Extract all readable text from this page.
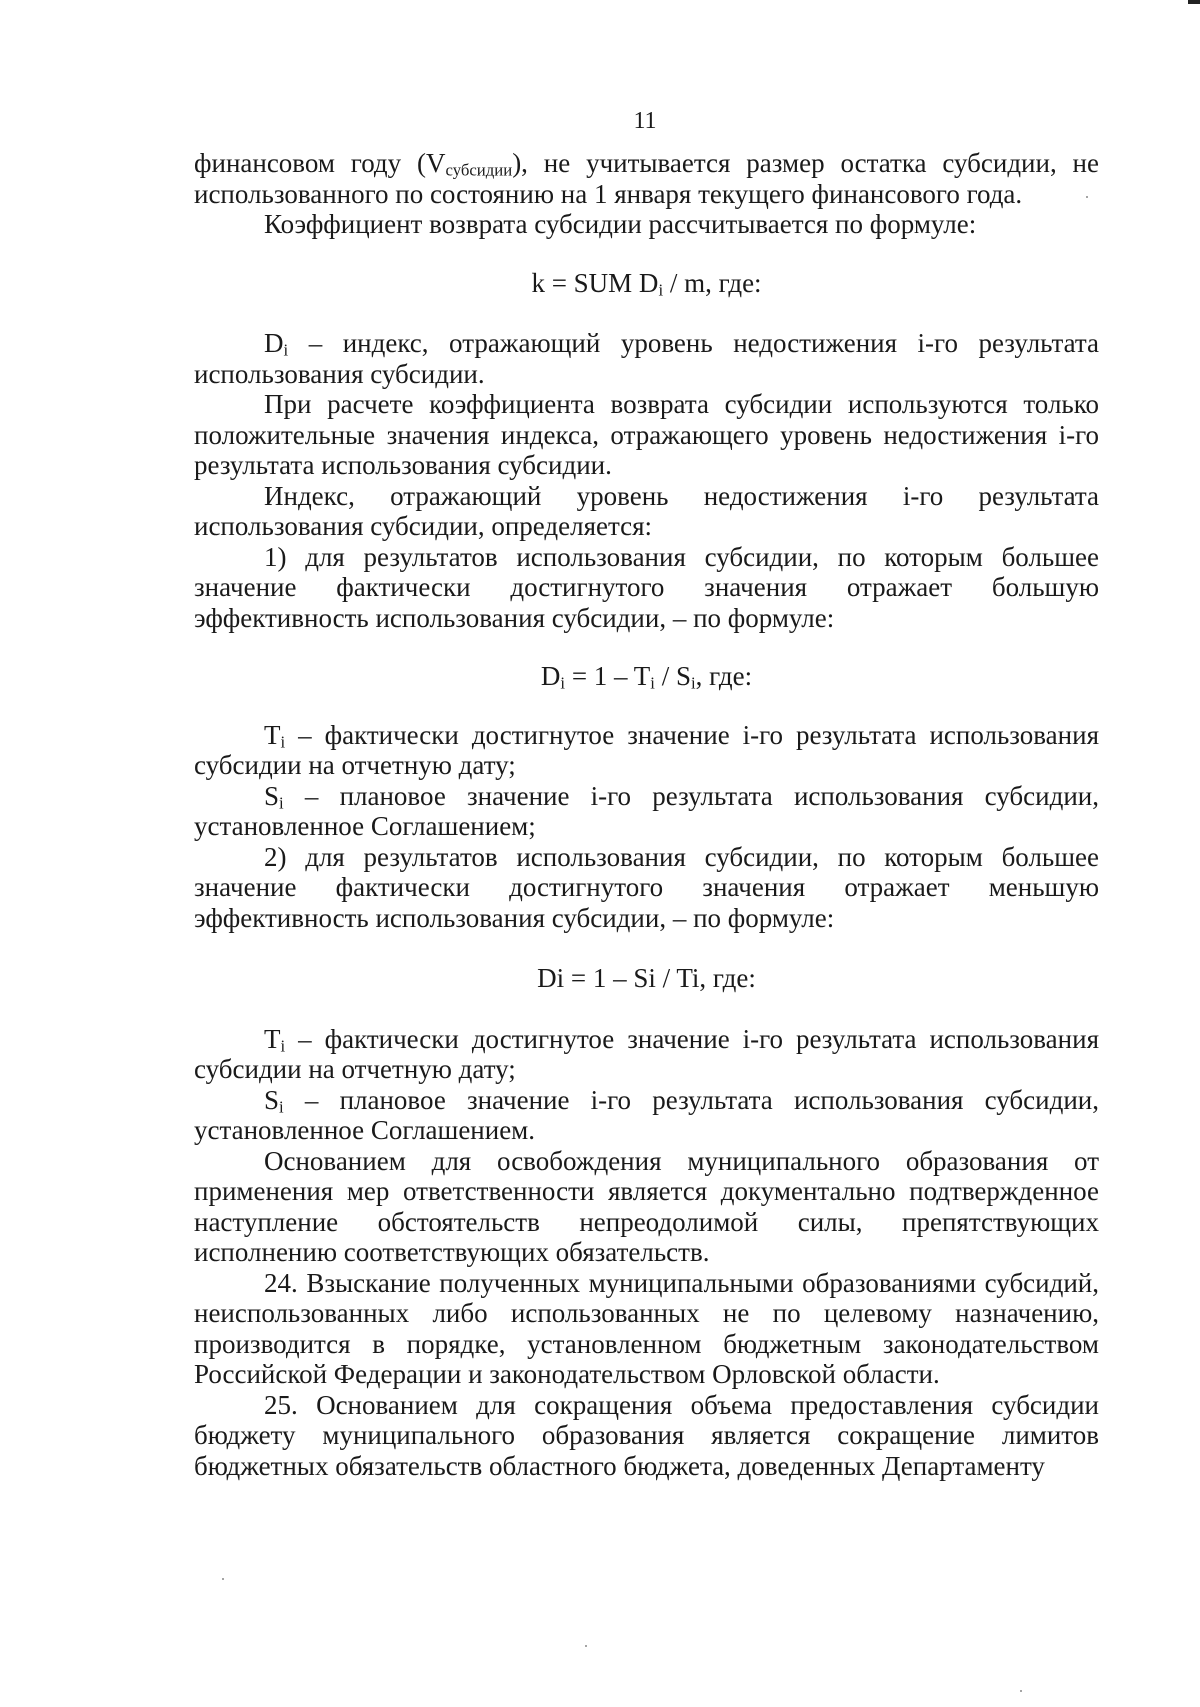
11

финансовом году $(V_{субсидии})$, не учитывается размер остатка субсидии, не использованного по состоянию на 1 января текущего финансового года.

Коэффициент возврата субсидии рассчитывается по формуле:

k = SUM $D_i$ / m, где:

$D_i$ – индекс, отражающий уровень недостижения i-го результата использования субсидии.

При расчете коэффициента возврата субсидии используются только положительные значения индекса, отражающего уровень недостижения i-го результата использования субсидии.

Индекс, отражающий уровень недостижения i-го результата использования субсидии, определяется:

1) для результатов использования субсидии, по которым большее значение фактически достигнутого значения отражает большую эффективность использования субсидии, – по формуле:

$D_i = 1 - T_i / S_i$, где:

$T_i$ – фактически достигнутое значение i-го результата использования субсидии на отчетную дату;

$S_i$ – плановое значение i-го результата использования субсидии, установленное Соглашением;

2) для результатов использования субсидии, по которым большее значение фактически достигнутого значения отражает меньшую эффективность использования субсидии, – по формуле:

Di = 1 – Si / Ti, где:

$T_i$ – фактически достигнутое значение i-го результата использования субсидии на отчетную дату;

$S_i$ – плановое значение i-го результата использования субсидии, установленное Соглашением.

Основанием для освобождения муниципального образования от применения мер ответственности является документально подтвержденное наступление обстоятельств непреодолимой силы, препятствующих исполнению соответствующих обязательств.

24. Взыскание полученных муниципальными образованиями субсидий, неиспользованных либо использованных не по целевому назначению, производится в порядке, установленном бюджетным законодательством Российской Федерации и законодательством Орловской области.

25. Основанием для сокращения объема предоставления субсидии бюджету муниципального образования является сокращение лимитов бюджетных обязательств областного бюджета, доведенных Департаменту
